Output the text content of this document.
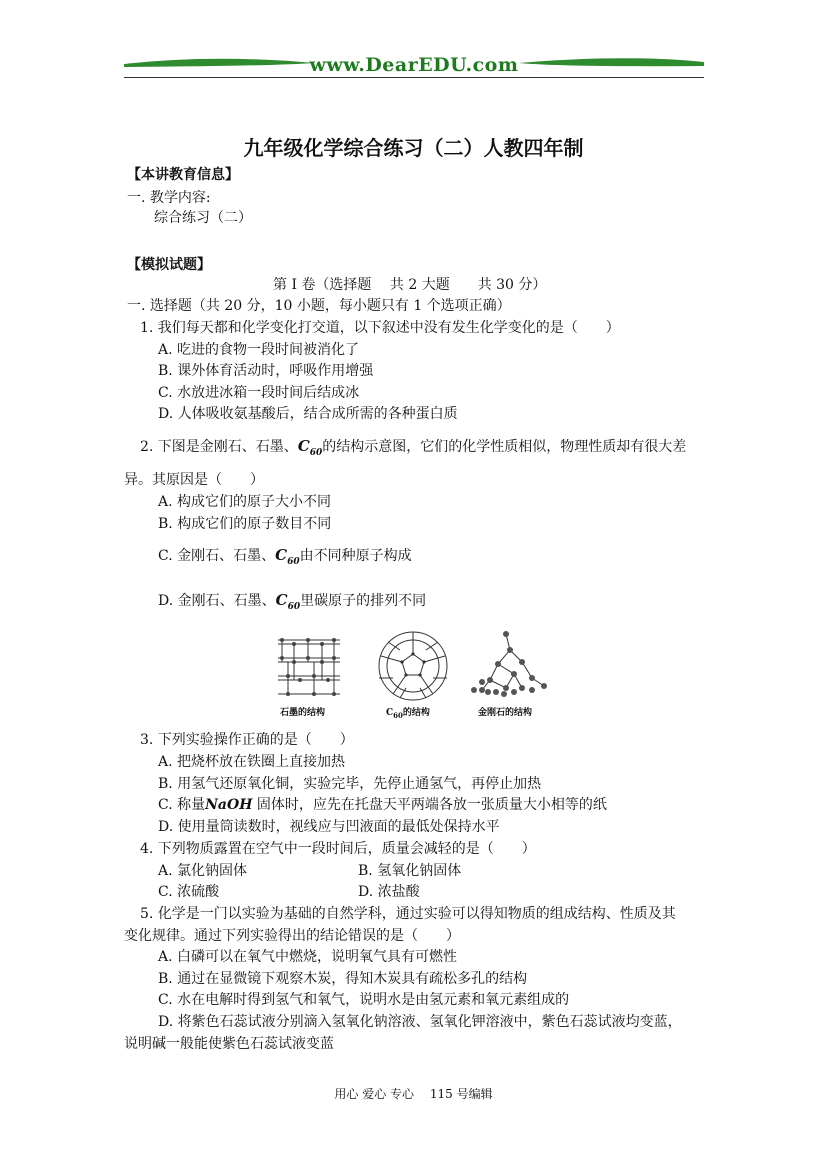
www.DearEDU.com
九年级化学综合练习（二）人教四年制
【本讲教育信息】
一. 教学内容:
综合练习（二）
【模拟试题】
第 I 卷（选择题　 共 2 大题　　共 30 分）
一. 选择题（共 20 分，10 小题，每小题只有 1 个选项正确）
1. 我们每天都和化学变化打交道，以下叙述中没有发生化学变化的是（　　）
A. 吃进的食物一段时间被消化了
B. 课外体育活动时，呼吸作用增强
C. 水放进冰箱一段时间后结成冰
D. 人体吸收氨基酸后，结合成所需的各种蛋白质
2. 下图是金刚石、石墨、$C_{60}$的结构示意图，它们的化学性质相似，物理性质却有很大差
异。其原因是（　　）
A. 构成它们的原子大小不同
B. 构成它们的原子数目不同
C. 金刚石、石墨、$C_{60}$由不同种原子构成
D. 金刚石、石墨、$C_{60}$里碳原子的排列不同
石墨的结构	$C_{60}$的结构	金刚石的结构
3. 下列实验操作正确的是（　　）
A. 把烧杯放在铁圈上直接加热
B. 用氢气还原氧化铜，实验完毕，先停止通氢气，再停止加热
C. 称量NaOH 固体时，应先在托盘天平两端各放一张质量大小相等的纸
D. 使用量筒读数时，视线应与凹液面的最低处保持水平
4. 下列物质露置在空气中一段时间后，质量会减轻的是（　　）
A. 氯化钠固体	B. 氢氧化钠固体
C. 浓硫酸	D. 浓盐酸
5. 化学是一门以实验为基础的自然学科，通过实验可以得知物质的组成结构、性质及其
变化规律。通过下列实验得出的结论错误的是（　　）
A. 白磷可以在氧气中燃烧，说明氧气具有可燃性
B. 通过在显微镜下观察木炭，得知木炭具有疏松多孔的结构
C. 水在电解时得到氢气和氧气，说明水是由氢元素和氧元素组成的
D. 将紫色石蕊试液分别滴入氢氧化钠溶液、氢氧化钾溶液中，紫色石蕊试液均变蓝，
说明碱一般能使紫色石蕊试液变蓝
用心 爱心 专心　 115 号编辑
